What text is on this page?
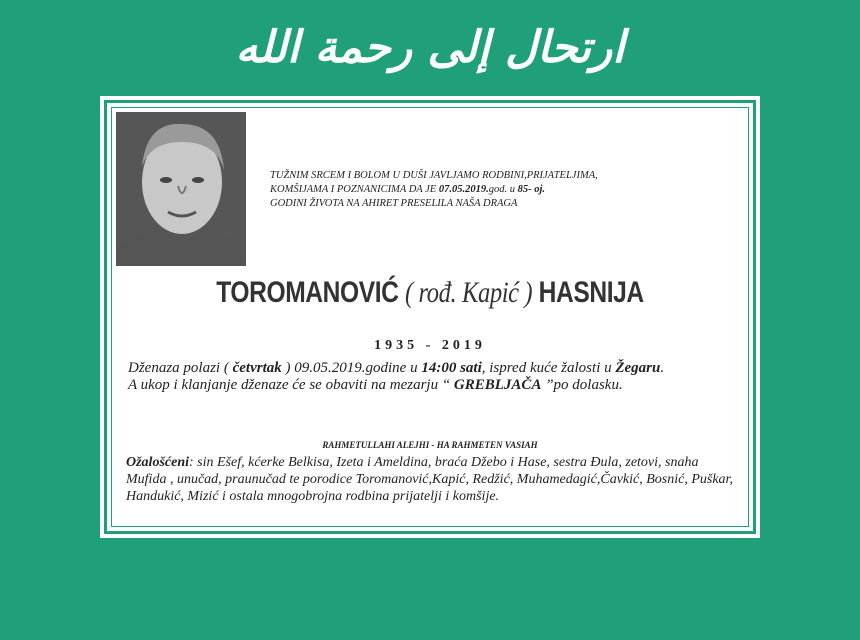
ارتحال إلى رحمة الله
TUŽNIM SRCEM I BOLOM U DUŠI JAVLJAMO RODBINI,PRIJATELJIMA,
KOMŠIJAMA I POZNANICIMA DA JE 07.05.2019.god. u 85- oj.
GODINI ŽIVOTA NA AHIRET PRESELILA NAŠA DRAGA
TOROMANOVIĆ ( rođ. Kapić ) HASNIJA
1935 - 2019
Dženaza polazi ( četvrtak ) 09.05.2019.godine u 14:00 sati, ispred kuće žalosti u Žegaru.
A ukop i klanjanje dženaze će se obaviti na mezarju “ GREBLJAČA ”po dolasku.
RAHMETULLAHI ALEJHI - HA RAHMETEN VASIAH
Ožalošćeni: sin Ešef, kćerke Belkisa, Izeta i Ameldina, braća Džebo i Hase, sestra Đula, zetovi, snaha Mufida , unučad, praunučad te porodice Toromanović,Kapić, Redžić, Muhamedagić,Čavkić, Bosnić, Puškar, Handukić, Mizić i ostala mnogobrojna rodbina prijatelji i komšije.
